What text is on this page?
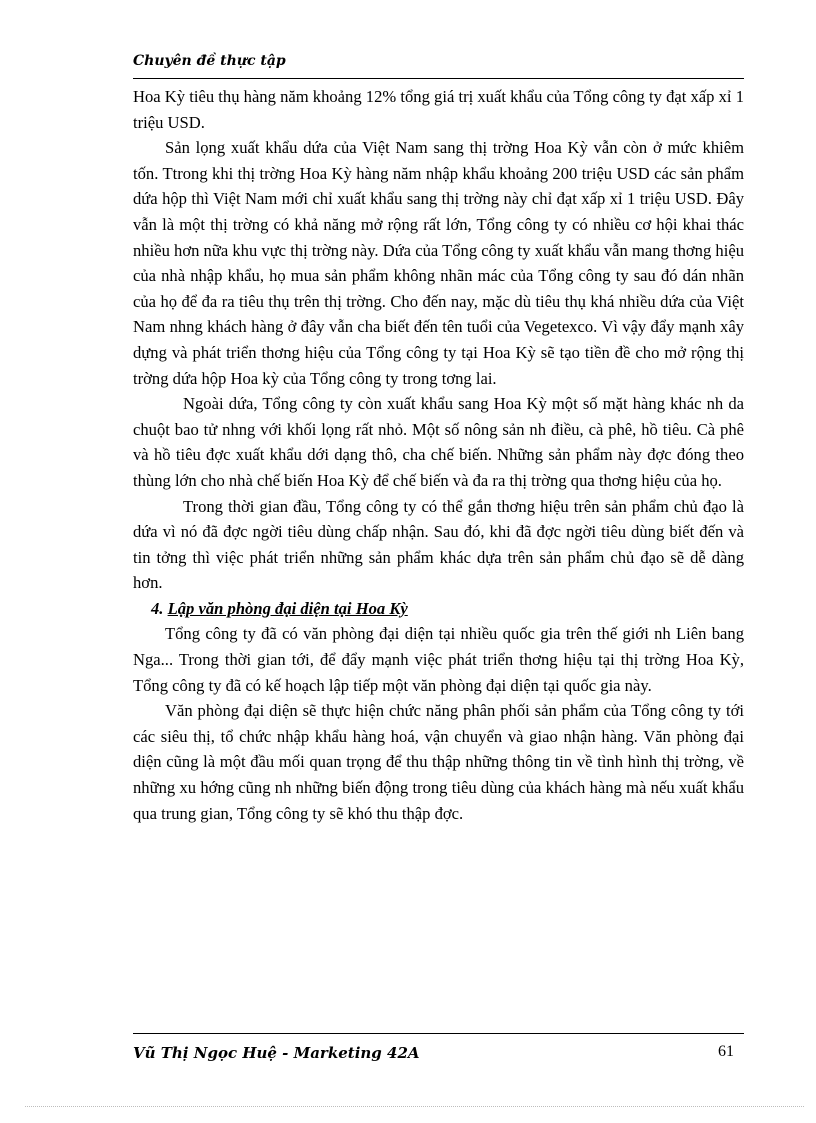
Chuyên đề thực tập

Hoa Kỳ tiêu thụ hàng năm khoảng 12% tổng giá trị xuất khẩu của Tổng công ty đạt xấp xỉ 1 triệu USD.

Sản lọng xuất khẩu dứa của Việt Nam sang thị trờng Hoa Kỳ vẫn còn ở mức khiêm tốn. Ttrong khi thị trờng Hoa Kỳ hàng năm nhập khẩu khoảng 200 triệu USD các sản phẩm dứa hộp thì Việt Nam mới chỉ xuất khẩu sang thị trờng này chỉ đạt xấp xỉ 1 triệu USD. Đây vẫn là một thị trờng có khả năng mở rộng rất lớn, Tổng công ty có nhiều cơ hội khai thác nhiều hơn nữa khu vực thị trờng này. Dứa của Tổng công ty xuất khẩu vẫn mang thơng hiệu của nhà nhập khẩu, họ mua sản phẩm không nhãn mác của Tổng công ty sau đó dán nhãn của họ để đa ra tiêu thụ trên thị trờng. Cho đến nay, mặc dù tiêu thụ khá nhiều dứa của Việt Nam nhng khách hàng ở đây vẫn cha biết đến tên tuổi của Vegetexco. Vì vậy đẩy mạnh xây dựng và phát triển thơng hiệu của Tổng công ty tại Hoa Kỳ sẽ tạo tiền đề cho mở rộng thị trờng dứa hộp Hoa kỳ của Tổng công ty trong tơng lai.

Ngoài dứa, Tổng công ty còn xuất khẩu sang Hoa Kỳ một số mặt hàng khác nh da chuột bao tử nhng với khối lọng rất nhỏ. Một số nông sản nh điều, cà phê, hồ tiêu. Cà phê và hồ tiêu đợc xuất khẩu dới dạng thô, cha chế biến. Những sản phẩm này đợc đóng theo thùng lớn cho nhà chế biến Hoa Kỳ để chế biến và đa ra thị trờng qua thơng hiệu của họ.

Trong thời gian đầu, Tổng công ty có thể gắn thơng hiệu trên sản phẩm chủ đạo là dứa vì nó đã đợc ngời tiêu dùng chấp nhận. Sau đó, khi đã đợc ngời tiêu dùng biết đến và tin tởng thì việc phát triển những sản phẩm khác dựa trên sản phẩm chủ đạo sẽ dễ dàng hơn.

4. Lập văn phòng đại diện tại Hoa Kỳ

Tổng công ty đã có văn phòng đại diện tại nhiều quốc gia trên thế giới nh Liên bang Nga... Trong thời gian tới, để đẩy mạnh việc phát triển thơng hiệu tại thị trờng Hoa Kỳ, Tổng công ty đã có kế hoạch lập tiếp một văn phòng đại diện tại quốc gia này.

Văn phòng đại diện sẽ thực hiện chức năng phân phối sản phẩm của Tổng công ty tới các siêu thị, tổ chức nhập khẩu hàng hoá, vận chuyển và giao nhận hàng. Văn phòng đại diện cũng là một đầu mối quan trọng để thu thập những thông tin về tình hình thị trờng, về những xu hớng cũng nh những biến động trong tiêu dùng của khách hàng mà nếu xuất khẩu qua trung gian, Tổng công ty sẽ khó thu thập đợc.

Vũ Thị Ngọc Huệ - Marketing 42A	61
